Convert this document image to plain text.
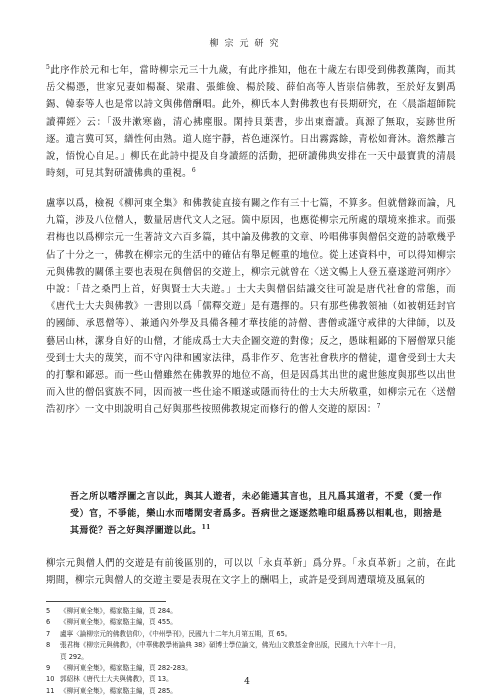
柳宗元研究
$^5$此序作於元和七年，當時柳宗元三十九歲，有此序推知，他在十歲左右即受到佛教薰陶，而其岳父楊憑，世家兄妻如楊凝、梁肅、張維儉、楊於陵、薛伯高等人皆崇信佛教，至於好友劉禹錫、韓泰等人也是常以詩文與佛僧酬唱。此外，柳氏本人對佛教也有長期研究，在〈晨詣超師院讀禪經〉云：「汲井漱寒齒，清心拂塵服。閑持貝葉書，步出東齋讀。真源了無取，妄跡世所逐。遺言冀可冥，繕性何由熟。道人庭宇靜，苔色連深竹。日出霧露餘，青松如膏沐。澹然離言說，悟悅心自足。」柳氏在此詩中提及自身讀經的活動，把研讀佛典安排在一天中最寶貴的清晨時刻，可見其對研讀佛典的重視。$^6$
盧寧以爲，檢視《柳河東全集》和佛教徒直接有關之作有三十七篇，不算多。但就僧錄而論，凡九篇，涉及八位僧人，數量居唐代文人之冠。箇中原因，也應從柳宗元所處的環境來推求。而張君梅也以爲柳宗元一生著詩文六百多篇，其中論及佛教的文章、吟唱佛事與僧侶交遊的詩歌幾乎佔了十分之一，佛教在柳宗元的生活中的確佔有舉足輕重的地位。從上述資料中，可以得知柳宗元與佛教的關係主要也表現在與僧侶的交遊上，柳宗元就曾在〈送文暢上人登五臺遂遊河朔序〉中說：「昔之桑門上首，好與賢士大夫遊。」士大夫與僧侶結識交往可說是唐代社會的常態，而《唐代士大夫與佛教》一書則以爲「儒釋交遊」是有選擇的。只有那些佛教領袖（如被朝廷封官的國師、承恩僧等）、兼通內外學及具備各種才華技能的詩僧、書僧或謹守戒律的大律師，以及藝居山林，潔身自好的山僧，才能成爲士大夫企圖交遊的對像；反之，愚昧粗鄙的下層僧眾只能受到士大夫的蔑笑，而不守內律和國家法律，爲非作歹、危害社會秩序的僧徒，還會受到士大夫的打擊和鄙惡。而一些山僧雖然在佛教界的地位不高，但是因爲其出世的處世態度與那些以出世而入世的僧侶賓族不同，因而被一些仕途不順遂或隱而待仕的士大夫所敬重，如柳宗元在〈送僧浩初序〉一文中則說明自己好與那些按照佛教規定而修行的僧人交遊的原因：$^7$
吾之所以嗜浮圖之言以此，與其人遊者，未必能通其言也，且凡爲其道者，不愛（愛一作受）官，不爭能，樂山水而嗜閑安者爲多。吾病世之逐逐然唯印組爲務以相軋也，則捨是其焉從？吾之好與浮圖遊以此。$^{11}$
柳宗元與僧人們的交遊是有前後區別的，可以以「永貞革新」爲分界。「永貞革新」之前，在此期間，柳宗元與僧人的交遊主要是表現在文字上的酬唱上，或許是受到周遭環境及風氣的
5	《柳河東全集》，楊家駱主編，頁 284。
6	《柳河東全集》，楊家駱主編，頁 455。
7	盧寧〈論柳宗元的佛教信仰〉，《中州學刊》，民國九十二年九月第五期，頁 65。
8	張君梅《柳宗元與佛教》，《中華佛教學術論典 38》碩博士學位論文，佛光山文教基金會出版，民國九十六年十一月，
頁 292。
9	《柳河東全集》，楊家駱主編，頁 282-283。
10 郭紹林《唐代士大夫與佛教》，頁 13。
11 《柳河東全集》，楊家駱主編，頁 285。
4
